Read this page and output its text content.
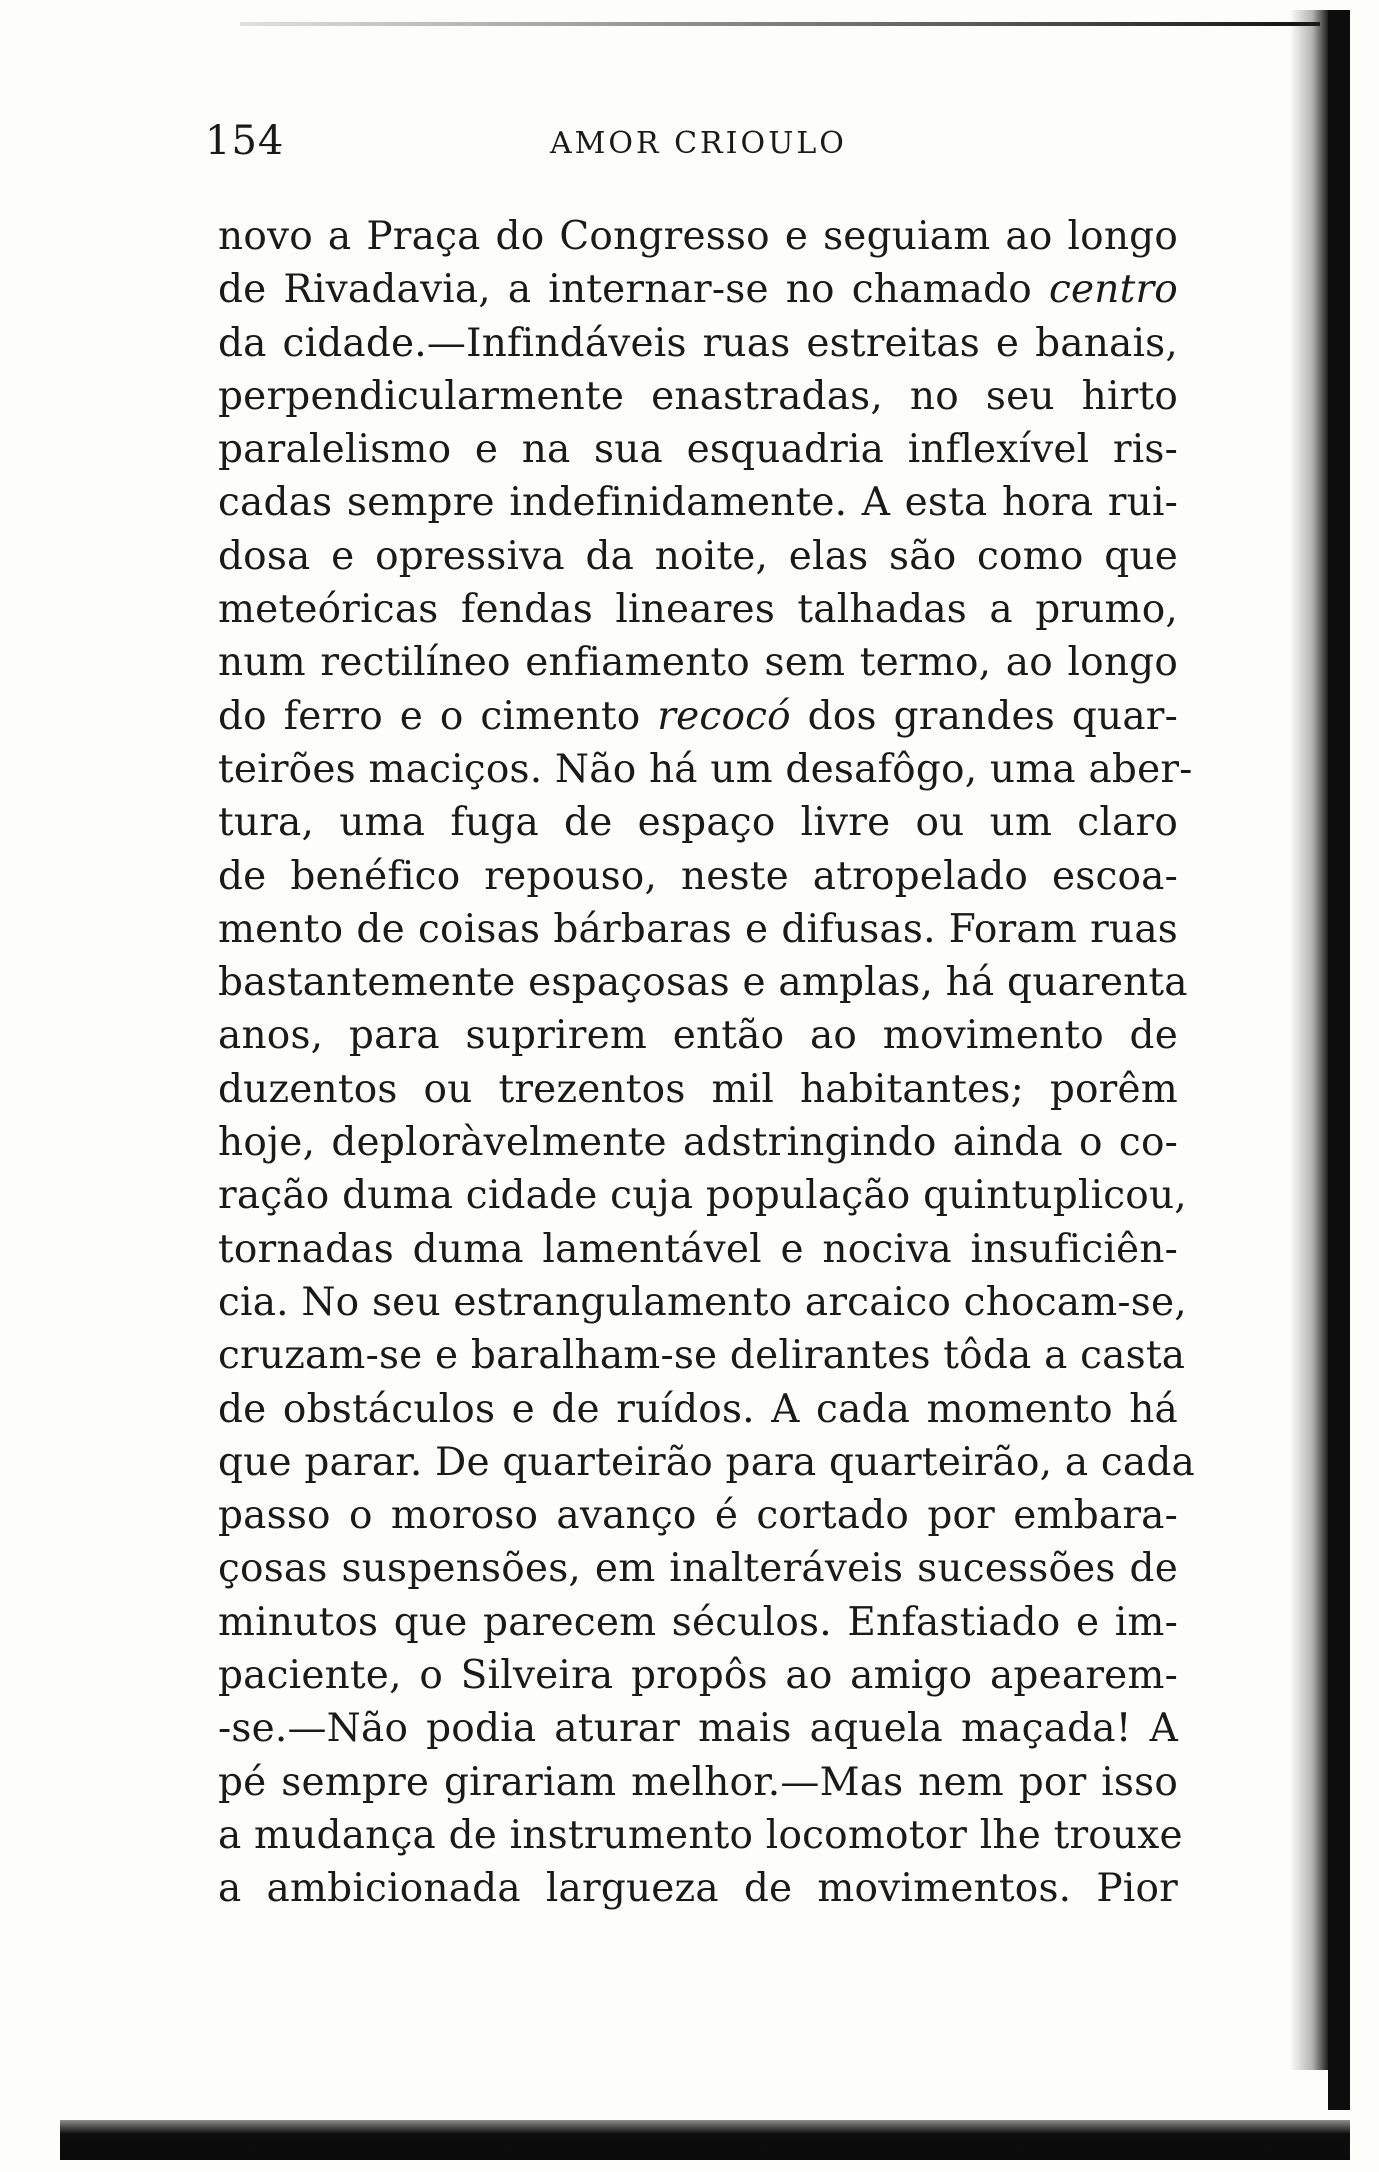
154	AMOR CRIOULO
novo a Praça do Congresso e seguiam ao longo
de Rivadavia, a internar-se no chamado centro
da cidade.—Infindáveis ruas estreitas e banais,
perpendicularmente enastradas, no seu hirto
paralelismo e na sua esquadria inflexível ris-
cadas sempre indefinidamente. A esta hora rui-
dosa e opressiva da noite, elas são como que
meteóricas fendas lineares talhadas a prumo,
num rectilíneo enfiamento sem termo, ao longo
do ferro e o cimento recocó dos grandes quar-
teirões maciços. Não há um desafôgo, uma aber-
tura, uma fuga de espaço livre ou um claro
de benéfico repouso, neste atropelado escoa-
mento de coisas bárbaras e difusas. Foram ruas
bastantemente espaçosas e amplas, há quarenta
anos, para suprirem então ao movimento de
duzentos ou trezentos mil habitantes; porêm
hoje, deploràvelmente adstringindo ainda o co-
ração duma cidade cuja população quintuplicou,
tornadas duma lamentável e nociva insuficiên-
cia. No seu estrangulamento arcaico chocam-se,
cruzam-se e baralham-se delirantes tôda a casta
de obstáculos e de ruídos. A cada momento há
que parar. De quarteirão para quarteirão, a cada
passo o moroso avanço é cortado por embara-
çosas suspensões, em inalteráveis sucessões de
minutos que parecem séculos. Enfastiado e im-
paciente, o Silveira propôs ao amigo apearem-
-se.—Não podia aturar mais aquela maçada! A
pé sempre girariam melhor.—Mas nem por isso
a mudança de instrumento locomotor lhe trouxe
a ambicionada largueza de movimentos. Pior
